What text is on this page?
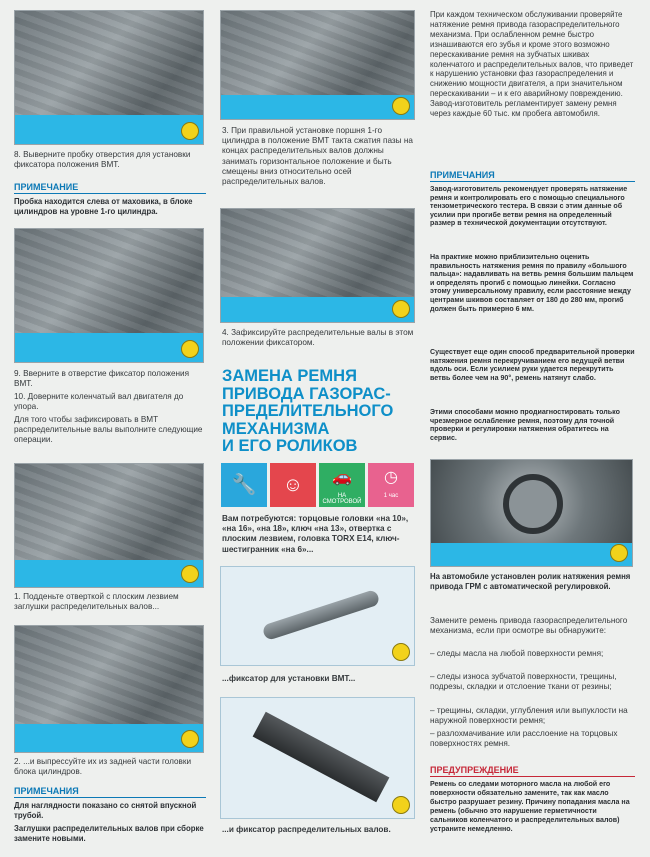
8. Выверните пробку отверстия для установки фиксатора положения ВМТ.
ПРИМЕЧАНИЕ
Пробка находится слева от маховика, в блоке цилиндров на уровне 1-го цилиндра.
9. Вверните в отверстие фиксатор положения ВМТ.
10. Доверните коленчатый вал двигателя до упора.
Для того чтобы зафиксировать в ВМТ распределительные валы выполните следующие операции.
1. Подденьте отверткой с плоским лезвием заглушки распределительных валов...
2. ...и выпрессуйте их из задней части головки блока цилиндров.
ПРИМЕЧАНИЯ
Для наглядности показано со снятой впускной трубой.
Заглушки распределительных валов при сборке замените новыми.
3. При правильной установке поршня 1-го цилиндра в положение ВМТ такта сжатия пазы на концах распределительных валов должны занимать горизонтальное положение и быть смещены вниз относительно осей распределительных валов.
4. Зафиксируйте распределительные валы в этом положении фиксатором.
ЗАМЕНА РЕМНЯ
ПРИВОДА ГАЗОРАС-
ПРЕДЕЛИТЕЛЬНОГО
МЕХАНИЗМА
И ЕГО РОЛИКОВ
🔧	☺	🚗
НА СМОТРОВОЙ
◷
1 час
Вам потребуются: торцовые головки «на 10», «на 16», «на 18», ключ «на 13», отвертка с плоским лезвием, головка TORX Е14, ключ-шестигранник «на 6»...
...фиксатор для установки ВМТ...
...и фиксатор распределительных валов.
При каждом техническом обслуживании проверяйте натяжение ремня привода газораспределительного механизма. При ослабленном ремне быстро изнашиваются его зубья и кроме этого возможно перескакивание ремня на зубчатых шкивах коленчатого и распределительных валов, что приведет к нарушению установки фаз газораспределения и снижению мощности двигателя, а при значительном перескакивании – и к его аварийному повреждению. Завод-изготовитель регламентирует замену ремня через каждые 60 тыс. км пробега автомобиля.
ПРИМЕЧАНИЯ
Завод-изготовитель рекомендует проверять натяжение ремня и контролировать его с помощью специального тензометрического тестера. В связи с этим данные об усилии при прогибе ветви ремня на определенный размер в технической документации отсутствуют.
На практике можно приблизительно оценить правильность натяжения ремня по правилу «большого пальца»: надавливать на ветвь ремня большим пальцем и определять прогиб с помощью линейки. Согласно этому универсальному правилу, если расстояние между центрами шкивов составляет от 180 до 280 мм, прогиб должен быть примерно 6 мм.
Существует еще один способ предварительной проверки натяжения ремня перекручиванием его ведущей ветви вдоль оси. Если усилием руки удается перекрутить ветвь более чем на 90°, ремень натянут слабо.
Этими способами можно продиагностировать только чрезмерное ослабление ремня, поэтому для точной проверки и регулировки натяжения обратитесь на сервис.
На автомобиле установлен ролик натяжения ремня привода ГРМ с автоматической регулировкой.
Замените ремень привода газораспределительного механизма, если при осмотре вы обнаружите:
– следы масла на любой поверхности ремня;
– следы износа зубчатой поверхности, трещины, подрезы, складки и отслоение ткани от резины;
– трещины, складки, углубления или выпуклости на наружной поверхности ремня;
– разлохмачивание или расслоение на торцовых поверхностях ремня.
ПРЕДУПРЕЖДЕНИЕ
Ремень со следами моторного масла на любой его поверхности обязательно замените, так как масло быстро разрушает резину. Причину попадания масла на ремень (обычно это нарушение герметичности сальников коленчатого и распределительных валов) устраните немедленно.
